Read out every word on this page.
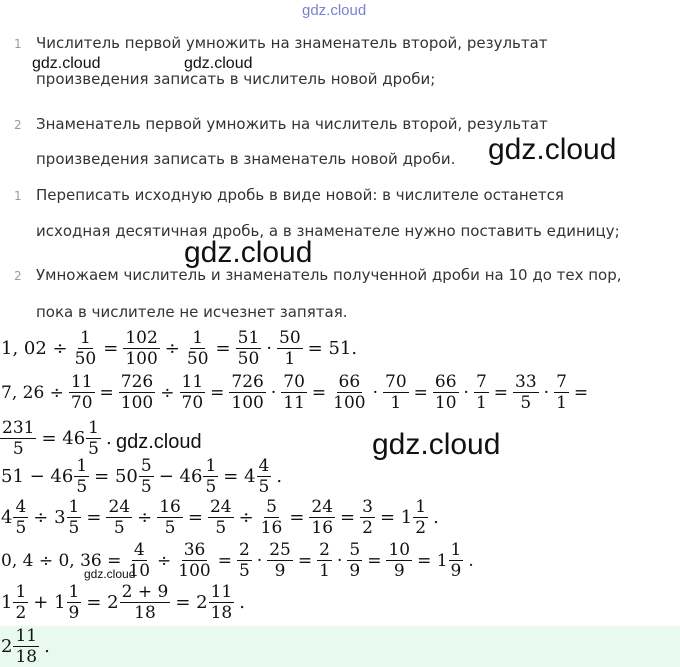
gdz.cloud
1 Числитель первой умножить на знаменатель второй, результат
произведения записать в числитель новой дроби;
gdz.cloud	gdz.cloud
2 Знаменатель первой умножить на числитель второй, результат
произведения записать в знаменатель новой дроби. gdz.cloud
1 Переписать исходную дробь в виде новой: в числителе останется
исходная десятичная дробь, а в знаменателе нужно поставить единицу;
gdz.cloud
2 Умножаем числитель и знаменатель полученной дроби на 10 до тех пор,
пока в числителе не исчезнет запятая.
1, $02 \div \frac{1}{50} = \frac{102}{100} \div \frac{1}{50} = \frac{51}{50} \cdot \frac{50}{1} = 51$.
7, $26 \div \frac{11}{70} = \frac{726}{100} \div \frac{11}{70} = \frac{726}{100} \cdot \frac{70}{11} = \frac{66}{100} \cdot \frac{70}{1} = \frac{66}{10} \cdot \frac{7}{1} = \frac{33}{5} \cdot \frac{7}{1}$ =
$\frac{231}{5} = 46 \frac{1}{5}$ . gdz.cloud	gdz.cloud
$51 - 46 \frac{1}{5} = 50 \frac{5}{5} - 46 \frac{1}{5} = 4 \frac{4}{5}$ .
$4 \frac{4}{5} \div 3 \frac{1}{5} = \frac{24}{5} \div \frac{16}{5} = \frac{24}{5} \div \frac{5}{16} = \frac{24}{16} = \frac{3}{2} = 1 \frac{1}{2}$ .
0, 4 ÷ 0, $36 = \frac{4}{10} \div \frac{36}{100} = \frac{2}{5} \cdot \frac{25}{9} = \frac{2}{1} \cdot \frac{5}{9} = \frac{10}{9} = 1 \frac{1}{9}$ .
gdz.cloud
$1 \frac{1}{2} + 1 \frac{1}{9} = 2 \frac{2 + 9}{18} = 2 \frac{11}{18}$ .
$2 \frac{11}{18}$ .
